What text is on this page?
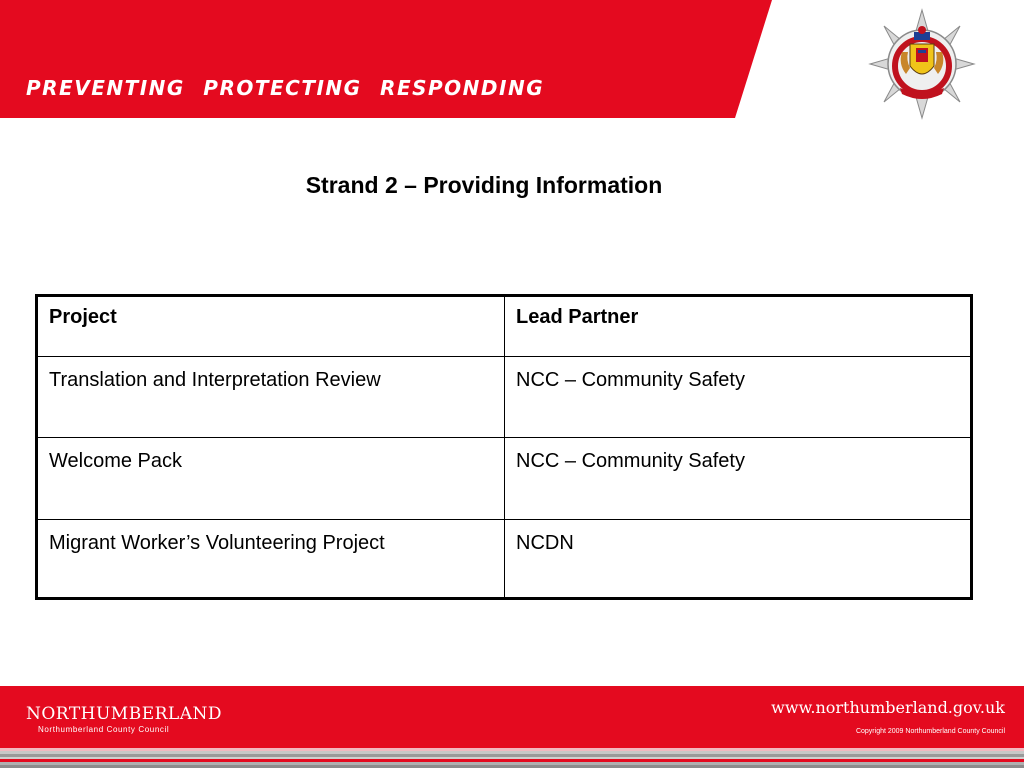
PREVENTING PROTECTING RESPONDING
Strand 2 – Providing Information
Project	Lead Partner
Translation and Interpretation Review	NCC – Community Safety
Welcome Pack	NCC – Community Safety
Migrant Worker’s Volunteering Project	NCDN
NORTHUMBERLAND
Northumberland County Council
www.northumberland.gov.uk
Copyright 2009 Northumberland County Council
